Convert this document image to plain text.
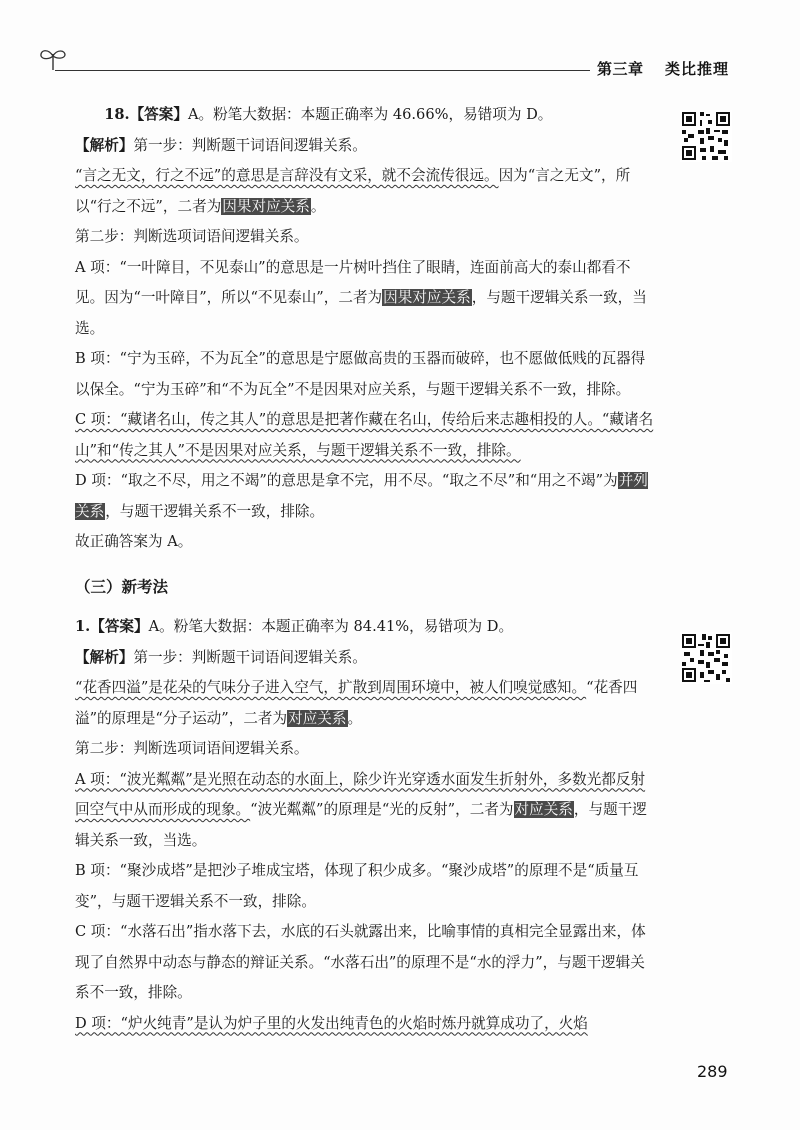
第三章 类比推理

18.【答案】A。粉笔大数据：本题正确率为 46.66%，易错项为 D。

【解析】第一步：判断题干词语间逻辑关系。

“言之无文，行之不远”的意思是言辞没有文采，就不会流传很远。因为“言之无文”，所以“行之不远”，二者为因果对应关系。

第二步：判断选项词语间逻辑关系。

A 项：“一叶障目，不见泰山”的意思是一片树叶挡住了眼睛，连面前高大的泰山都看不见。因为“一叶障目”，所以“不见泰山”，二者为因果对应关系，与题干逻辑关系一致，当选。

B 项：“宁为玉碎，不为瓦全”的意思是宁愿做高贵的玉器而破碎，也不愿做低贱的瓦器得以保全。“宁为玉碎”和“不为瓦全”不是因果对应关系，与题干逻辑关系不一致，排除。

C 项：“藏诸名山，传之其人”的意思是把著作藏在名山，传给后来志趣相投的人。“藏诸名山”和“传之其人”不是因果对应关系，与题干逻辑关系不一致，排除。

D 项：“取之不尽，用之不竭”的意思是拿不完，用不尽。“取之不尽”和“用之不竭”为并列关系，与题干逻辑关系不一致，排除。

故正确答案为 A。

（三）新考法

1.【答案】A。粉笔大数据：本题正确率为 84.41%，易错项为 D。

【解析】第一步：判断题干词语间逻辑关系。

“花香四溢”是花朵的气味分子进入空气，扩散到周围环境中，被人们嗅觉感知。“花香四溢”的原理是“分子运动”，二者为对应关系。

第二步：判断选项词语间逻辑关系。

A 项：“波光粼粼”是光照在动态的水面上，除少许光穿透水面发生折射外，多数光都反射回空气中从而形成的现象。“波光粼粼”的原理是“光的反射”，二者为对应关系，与题干逻辑关系一致，当选。

B 项：“聚沙成塔”是把沙子堆成宝塔，体现了积少成多。“聚沙成塔”的原理不是“质量互变”，与题干逻辑关系不一致，排除。

C 项：“水落石出”指水落下去，水底的石头就露出来，比喻事情的真相完全显露出来，体现了自然界中动态与静态的辩证关系。“水落石出”的原理不是“水的浮力”，与题干逻辑关系不一致，排除。

D 项：“炉火纯青”是认为炉子里的火发出纯青色的火焰时炼丹就算成功了，火焰

289
